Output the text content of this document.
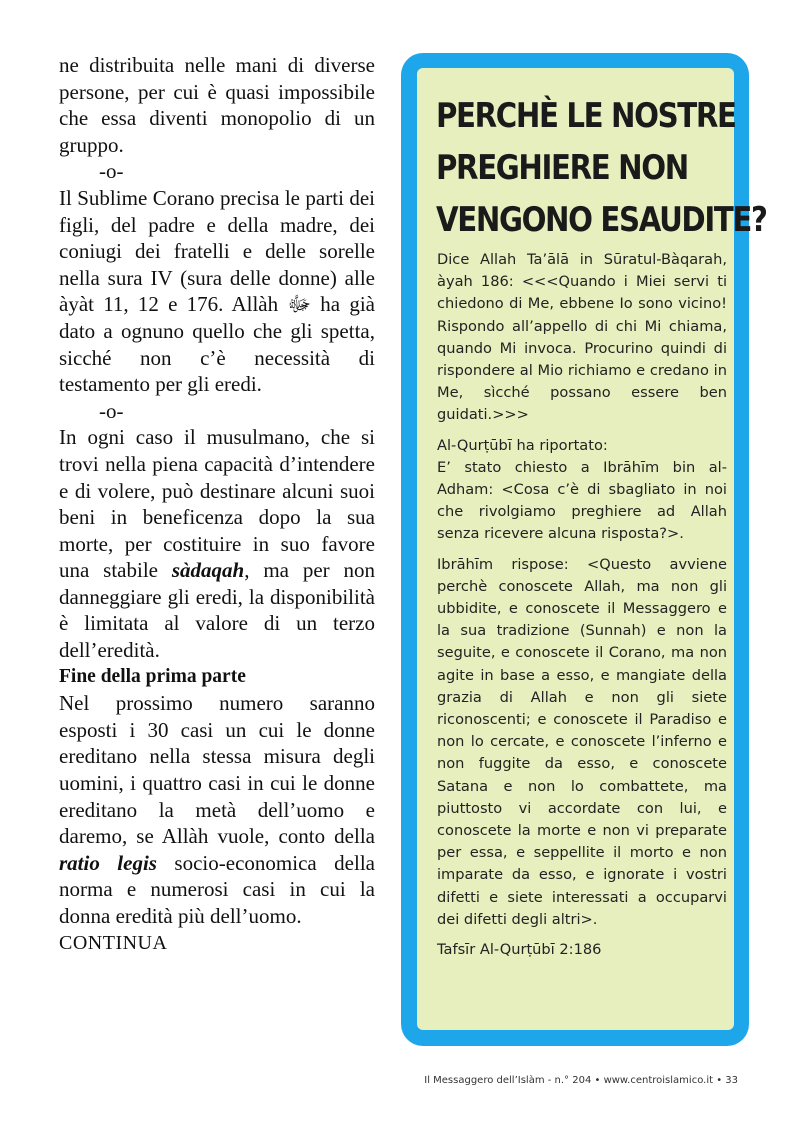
ne distribuita nelle mani di diverse persone, per cui è quasi impossibile che essa diventi monopolio di un gruppo.

-o-

Il Sublime Corano precisa le parti dei figli, del padre e della madre, dei coniugi dei fratelli e delle sorelle nella sura IV (sura delle donne) alle àyàt 11, 12 e 176. Allàh ﷻ ha già dato a ognuno quello che gli spetta, sicché non c’è necessità di testamento per gli eredi.

-o-

In ogni caso il musulmano, che si trovi nella piena capacità d’intendere e di volere, può destinare alcuni suoi beni in beneficenza dopo la sua morte, per costituire in suo favore una stabile sàdaqah, ma per non danneggiare gli eredi, la disponibilità è limitata al valore di un terzo dell’eredità.

Fine della prima parte

Nel prossimo numero saranno esposti i 30 casi un cui le donne ereditano nella stessa misura degli uomini, i quattro casi in cui le donne ereditano la metà dell’uomo e daremo, se Allàh vuole, conto della ratio legis socio-economica della norma e numerosi casi in cui la donna eredità più dell’uomo.

CONTINUA

PERCHÈ LE NOSTRE
PREGHIERE NON
VENGONO ESAUDITE?

Dice Allah Ta’ālā in Sūratul-Bàqarah, àyah 186: <<<Quando i Miei servi ti chiedono di Me, ebbene Io sono vicino! Rispondo all’appello di chi Mi chiama, quando Mi invoca. Procurino quindi di rispondere al Mio richiamo e credano in Me, sìcché possano essere ben guidati.>>>

Al-Qurṭūbī ha riportato:

E’ stato chiesto a Ibrāhīm bin al-Adham: <Cosa c’è di sbagliato in noi che rivolgiamo preghiere ad Allah senza ricevere alcuna risposta?>.

Ibrāhīm rispose: <Questo avviene perchè conoscete Allah, ma non gli ubbidite, e conoscete il Messaggero e la sua tradizione (Sunnah) e non la seguite, e conoscete il Corano, ma non agite in base a esso, e mangiate della grazia di Allah e non gli siete riconoscenti; e conoscete il Paradiso e non lo cercate, e conoscete l’inferno e non fuggite da esso, e conoscete Satana e non lo combattete, ma piuttosto vi accordate con lui, e conoscete la morte e non vi preparate per essa, e seppellite il morto e non imparate da esso, e ignorate i vostri difetti e siete interessati a occuparvi dei difetti degli altri>.

Tafsīr Al-Qurṭūbī 2:186

Il Messaggero dell’Islàm - n.° 204 • www.centroislamico.it • 33
